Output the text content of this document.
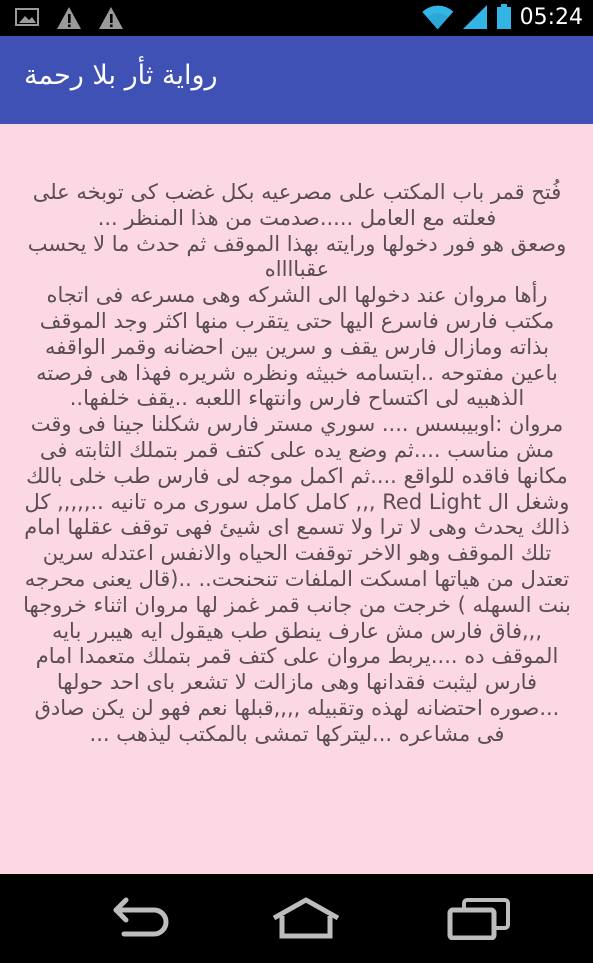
05:24
رواية ثأر بلا رحمة

فُتح قمر باب المكتب على مصرعيه بكل غضب كى توبخه على فعلته مع العامل .....صدمت من هذا المنظر ...

وصعق هو فور دخولها ورايته بهذا الموقف ثم حدث ما لا يحسب عقبااااه

رأها مروان عند دخولها الى الشركه وهى مسرعه فى اتجاه مكتب فارس فاسرع اليها حتى يتقرب منها اكثر وجد الموقف بذاته ومازال فارس يقف و سرين بين احضانه وقمر الواقفه باعين مفتوحه ..ابتسامه خبيثه ونظره شريره فهذا هى فرصته الذهبيه لى اكتساح فارس وانتهاء اللعبه ..يقف خلفها..

مروان :اوبيبسس .... سوري مستر فارس شكلنا جينا فى وقت مش مناسب ....ثم وضع يده على كتف قمر بتملك الثابته فى مكانها فاقده للواقع ....ثم اكمل موجه لى فارس طب خلى بالك وشغل ال Red Light ,,, كامل كامل سورى مره تانيه ..,,,,, كل ذالك يحدث وهى لا ترا ولا تسمع اى شيئ فهى توقف عقلها امام تلك الموقف وهو الاخر توقفت الحياه والانفس اعتدله سرين تعتدل من هياتها امسكت الملفات تنحنحت.. ..(قال يعنى محرجه بنت السهله ) خرجت من جانب قمر غمز لها مروان اثناء خروجها ,,,فاق فارس مش عارف ينطق طب هيقول ايه هيبرر بايه الموقف ده ....يربط مروان على كتف قمر بتملك متعمدا امام فارس ليثبت فقدانها وهى مازالت لا تشعر باى احد حولها ...صوره احتضانه لهذه وتقبيله ,,,,قبلها نعم فهو لن يكن صادق فى مشاعره ...ليتركها تمشى بالمكتب ليذهب ...
